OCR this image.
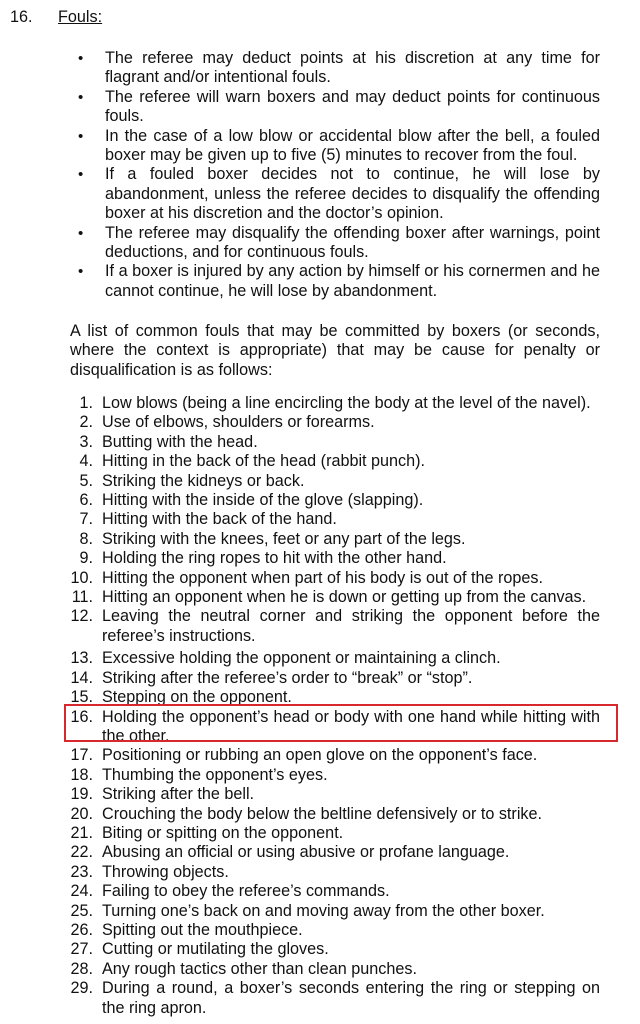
16. Fouls:
•	The referee may deduct points at his discretion at any time for flagrant and/or intentional fouls.
•	The referee will warn boxers and may deduct points for continuous fouls.
•	In the case of a low blow or accidental blow after the bell, a fouled boxer may be given up to five (5) minutes to recover from the foul.
•	If a fouled boxer decides not to continue, he will lose by abandonment, unless the referee decides to disqualify the offending boxer at his discretion and the doctor’s opinion.
•	The referee may disqualify the offending boxer after warnings, point deductions, and for continuous fouls.
•	If a boxer is injured by any action by himself or his cornermen and he cannot continue, he will lose by abandonment.

A list of common fouls that may be committed by boxers (or seconds, where the context is appropriate) that may be cause for penalty or disqualification is as follows:

1. Low blows (being a line encircling the body at the level of the navel).
2. Use of elbows, shoulders or forearms.
3. Butting with the head.
4. Hitting in the back of the head (rabbit punch).
5. Striking the kidneys or back.
6. Hitting with the inside of the glove (slapping).
7. Hitting with the back of the hand.
8. Striking with the knees, feet or any part of the legs.
9. Holding the ring ropes to hit with the other hand.
10. Hitting the opponent when part of his body is out of the ropes.
11. Hitting an opponent when he is down or getting up from the canvas.
12. Leaving the neutral corner and striking the opponent before the referee’s instructions.
13. Excessive holding the opponent or maintaining a clinch.
14. Striking after the referee’s order to “break” or “stop”.
15. Stepping on the opponent.
16. Holding the opponent’s head or body with one hand while hitting with the other.
17. Positioning or rubbing an open glove on the opponent’s face.
18. Thumbing the opponent’s eyes.
19. Striking after the bell.
20. Crouching the body below the beltline defensively or to strike.
21. Biting or spitting on the opponent.
22. Abusing an official or using abusive or profane language.
23. Throwing objects.
24. Failing to obey the referee’s commands.
25. Turning one’s back on and moving away from the other boxer.
26. Spitting out the mouthpiece.
27. Cutting or mutilating the gloves.
28. Any rough tactics other than clean punches.
29. During a round, a boxer’s seconds entering the ring or stepping on the ring apron.
